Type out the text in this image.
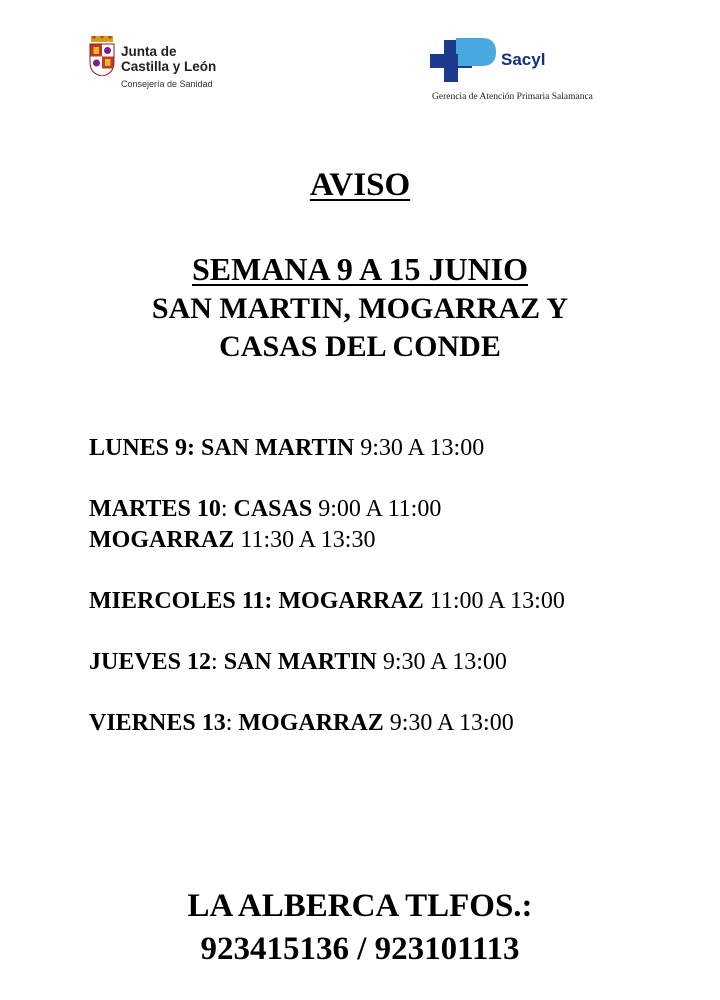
Junta de
Castilla y León
Consejería de Sanidad
Sacyl
Gerencia de Atención Primaria Salamanca
AVISO
SEMANA 9 A 15 JUNIO
SAN MARTIN, MOGARRAZ Y
CASAS DEL CONDE
LUNES 9: SAN MARTIN 9:30 A 13:00
MARTES 10: CASAS 9:00 A 11:00
MOGARRAZ 11:30 A 13:30
MIERCOLES 11: MOGARRAZ 11:00 A 13:00
JUEVES 12: SAN MARTIN 9:30 A 13:00
VIERNES 13: MOGARRAZ 9:30 A 13:00
LA ALBERCA TLFOS.:
923415136 / 923101113
